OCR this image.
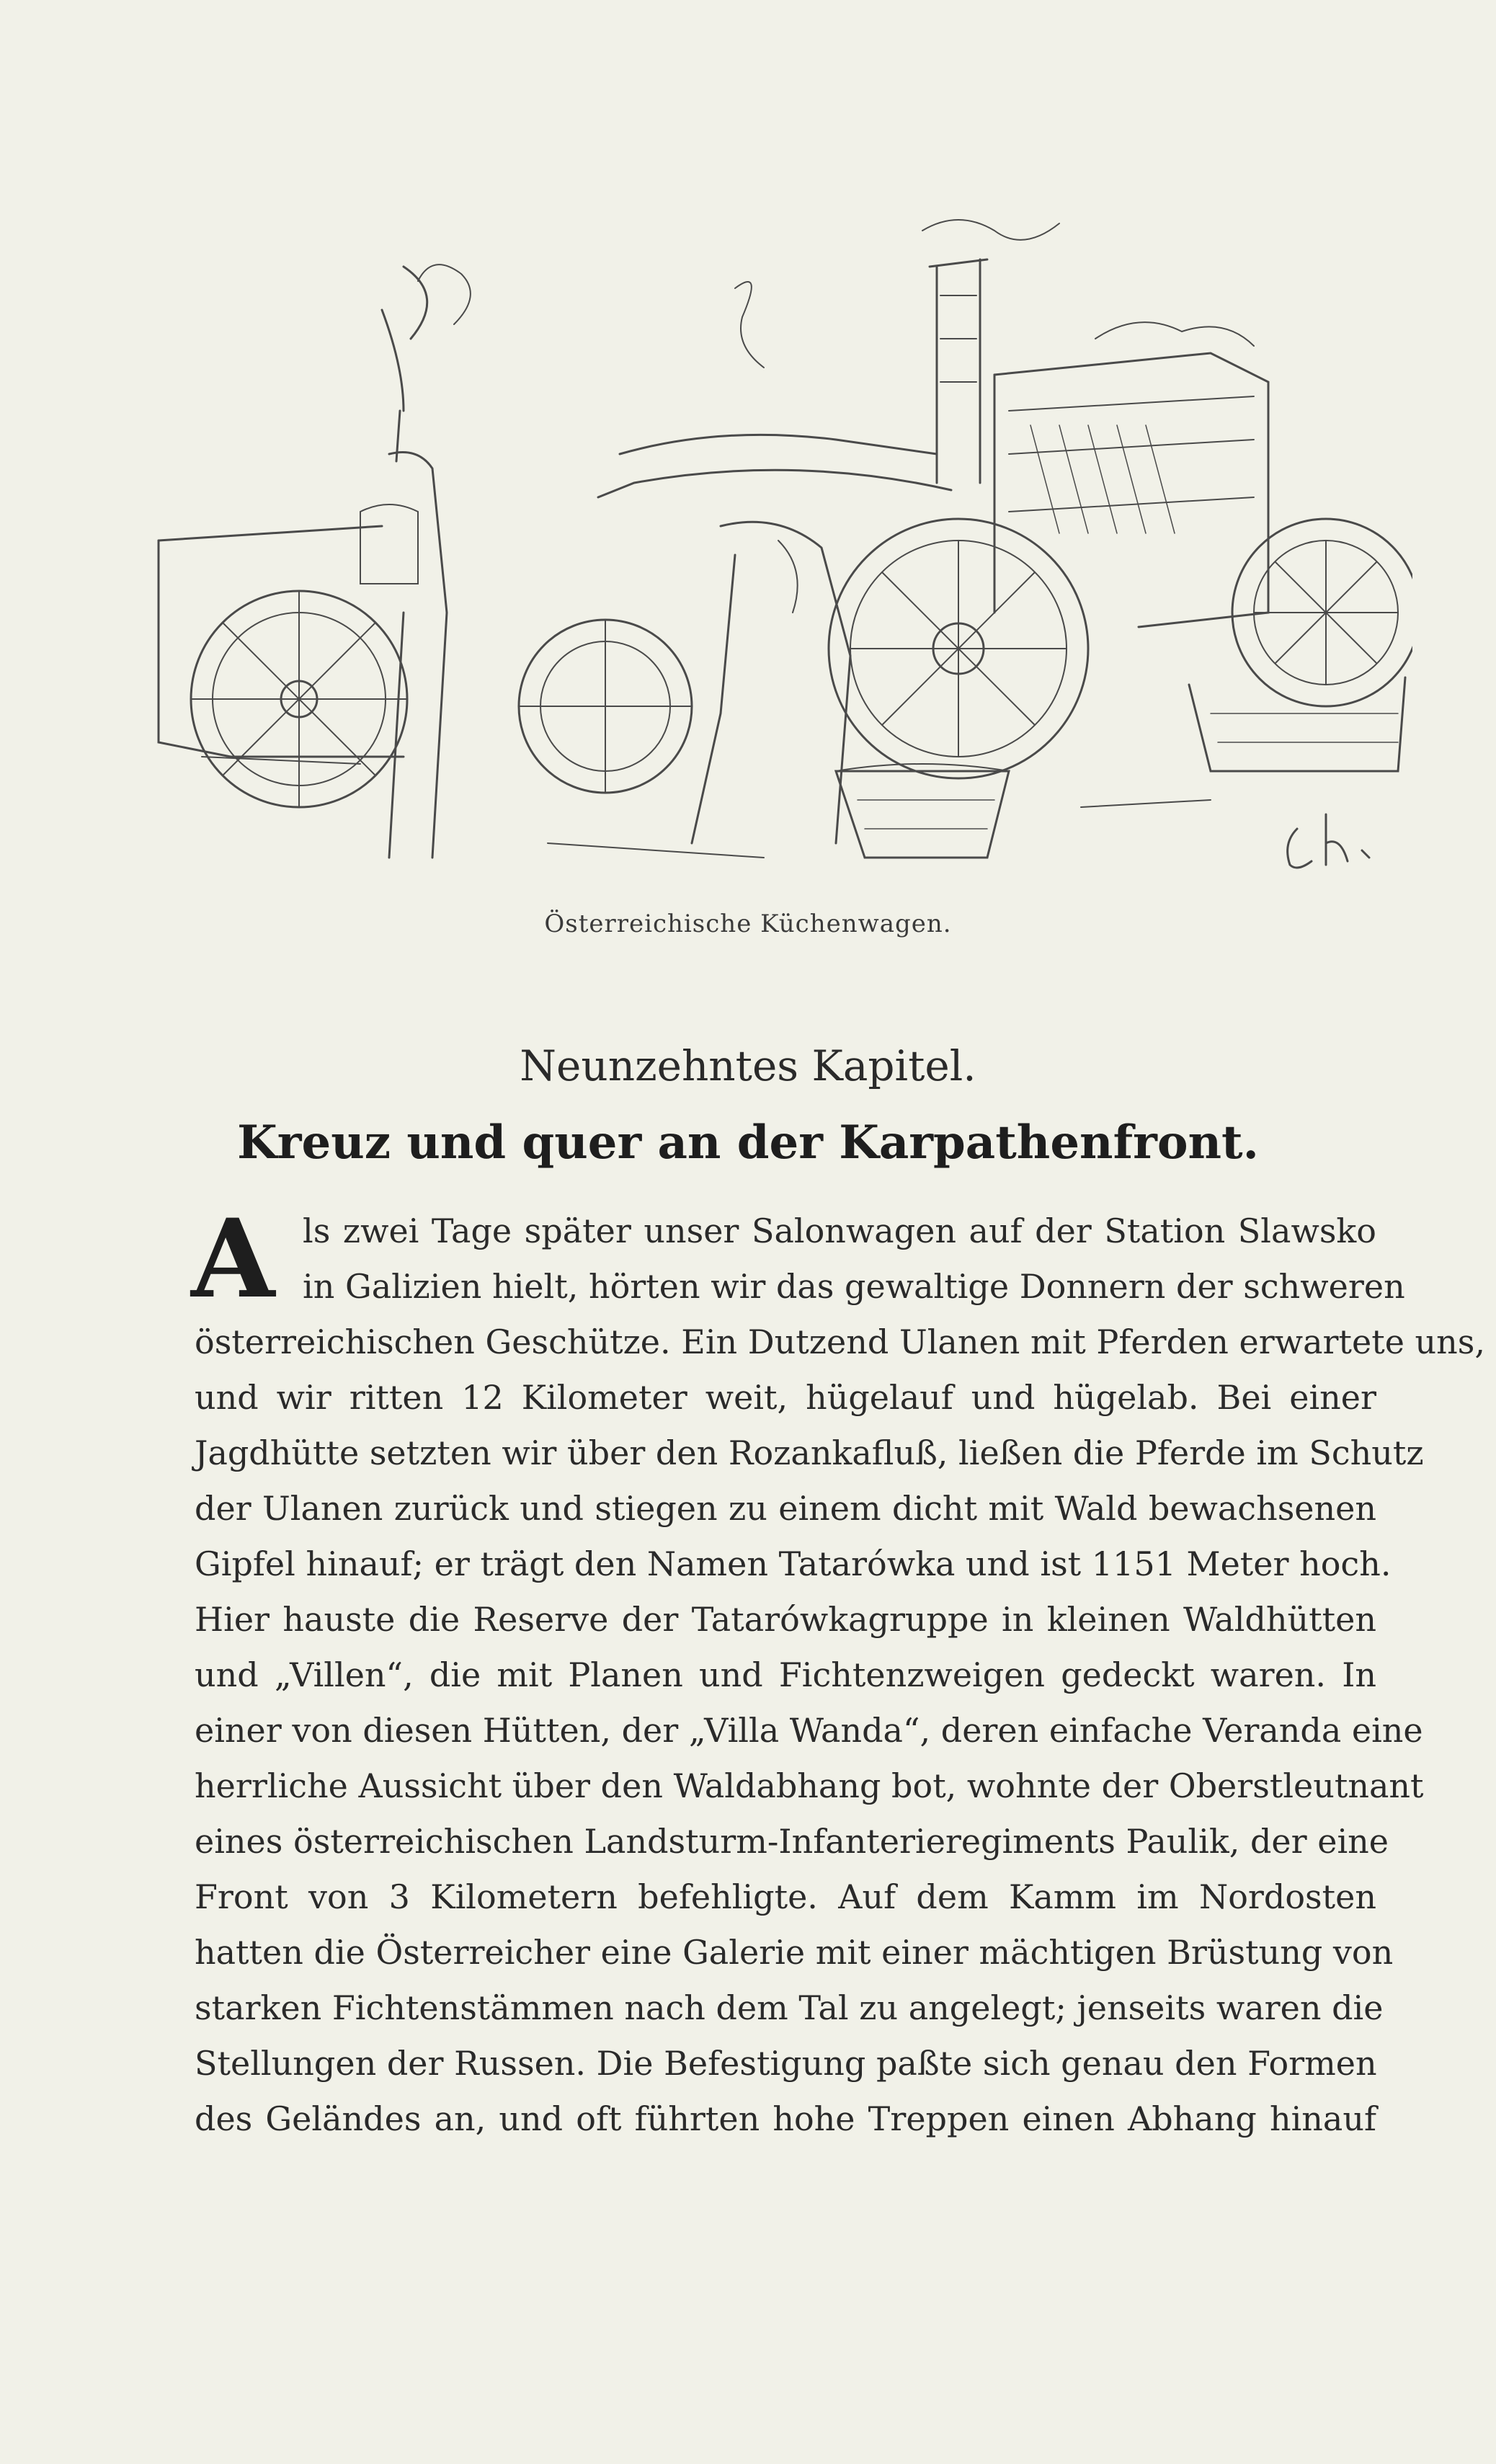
Österreichische Küchenwagen.
Neunzehntes Kapitel.
Kreuz und quer an der Karpathenfront.
A ls zwei Tage später unser Salonwagen auf der Station Slawsko
in Galizien hielt, hörten wir das gewaltige Donnern der schweren
österreichischen Geschütze. Ein Dutzend Ulanen mit Pferden erwartete uns,
und wir ritten 12 Kilometer weit, hügelauf und hügelab. Bei einer
Jagdhütte setzten wir über den Rozankafluß, ließen die Pferde im Schutz
der Ulanen zurück und stiegen zu einem dicht mit Wald bewachsenen
Gipfel hinauf; er trägt den Namen Tatarówka und ist 1151 Meter hoch.
Hier hauste die Reserve der Tatarówkagruppe in kleinen Waldhütten
und „Villen“, die mit Planen und Fichtenzweigen gedeckt waren. In
einer von diesen Hütten, der „Villa Wanda“, deren einfache Veranda eine
herrliche Aussicht über den Waldabhang bot, wohnte der Oberstleutnant
eines österreichischen Landsturm-Infanterieregiments Paulik, der eine
Front von 3 Kilometern befehligte. Auf dem Kamm im Nordosten
hatten die Österreicher eine Galerie mit einer mächtigen Brüstung von
starken Fichtenstämmen nach dem Tal zu angelegt; jenseits waren die
Stellungen der Russen. Die Befestigung paßte sich genau den Formen
des Geländes an, und oft führten hohe Treppen einen Abhang hinauf
